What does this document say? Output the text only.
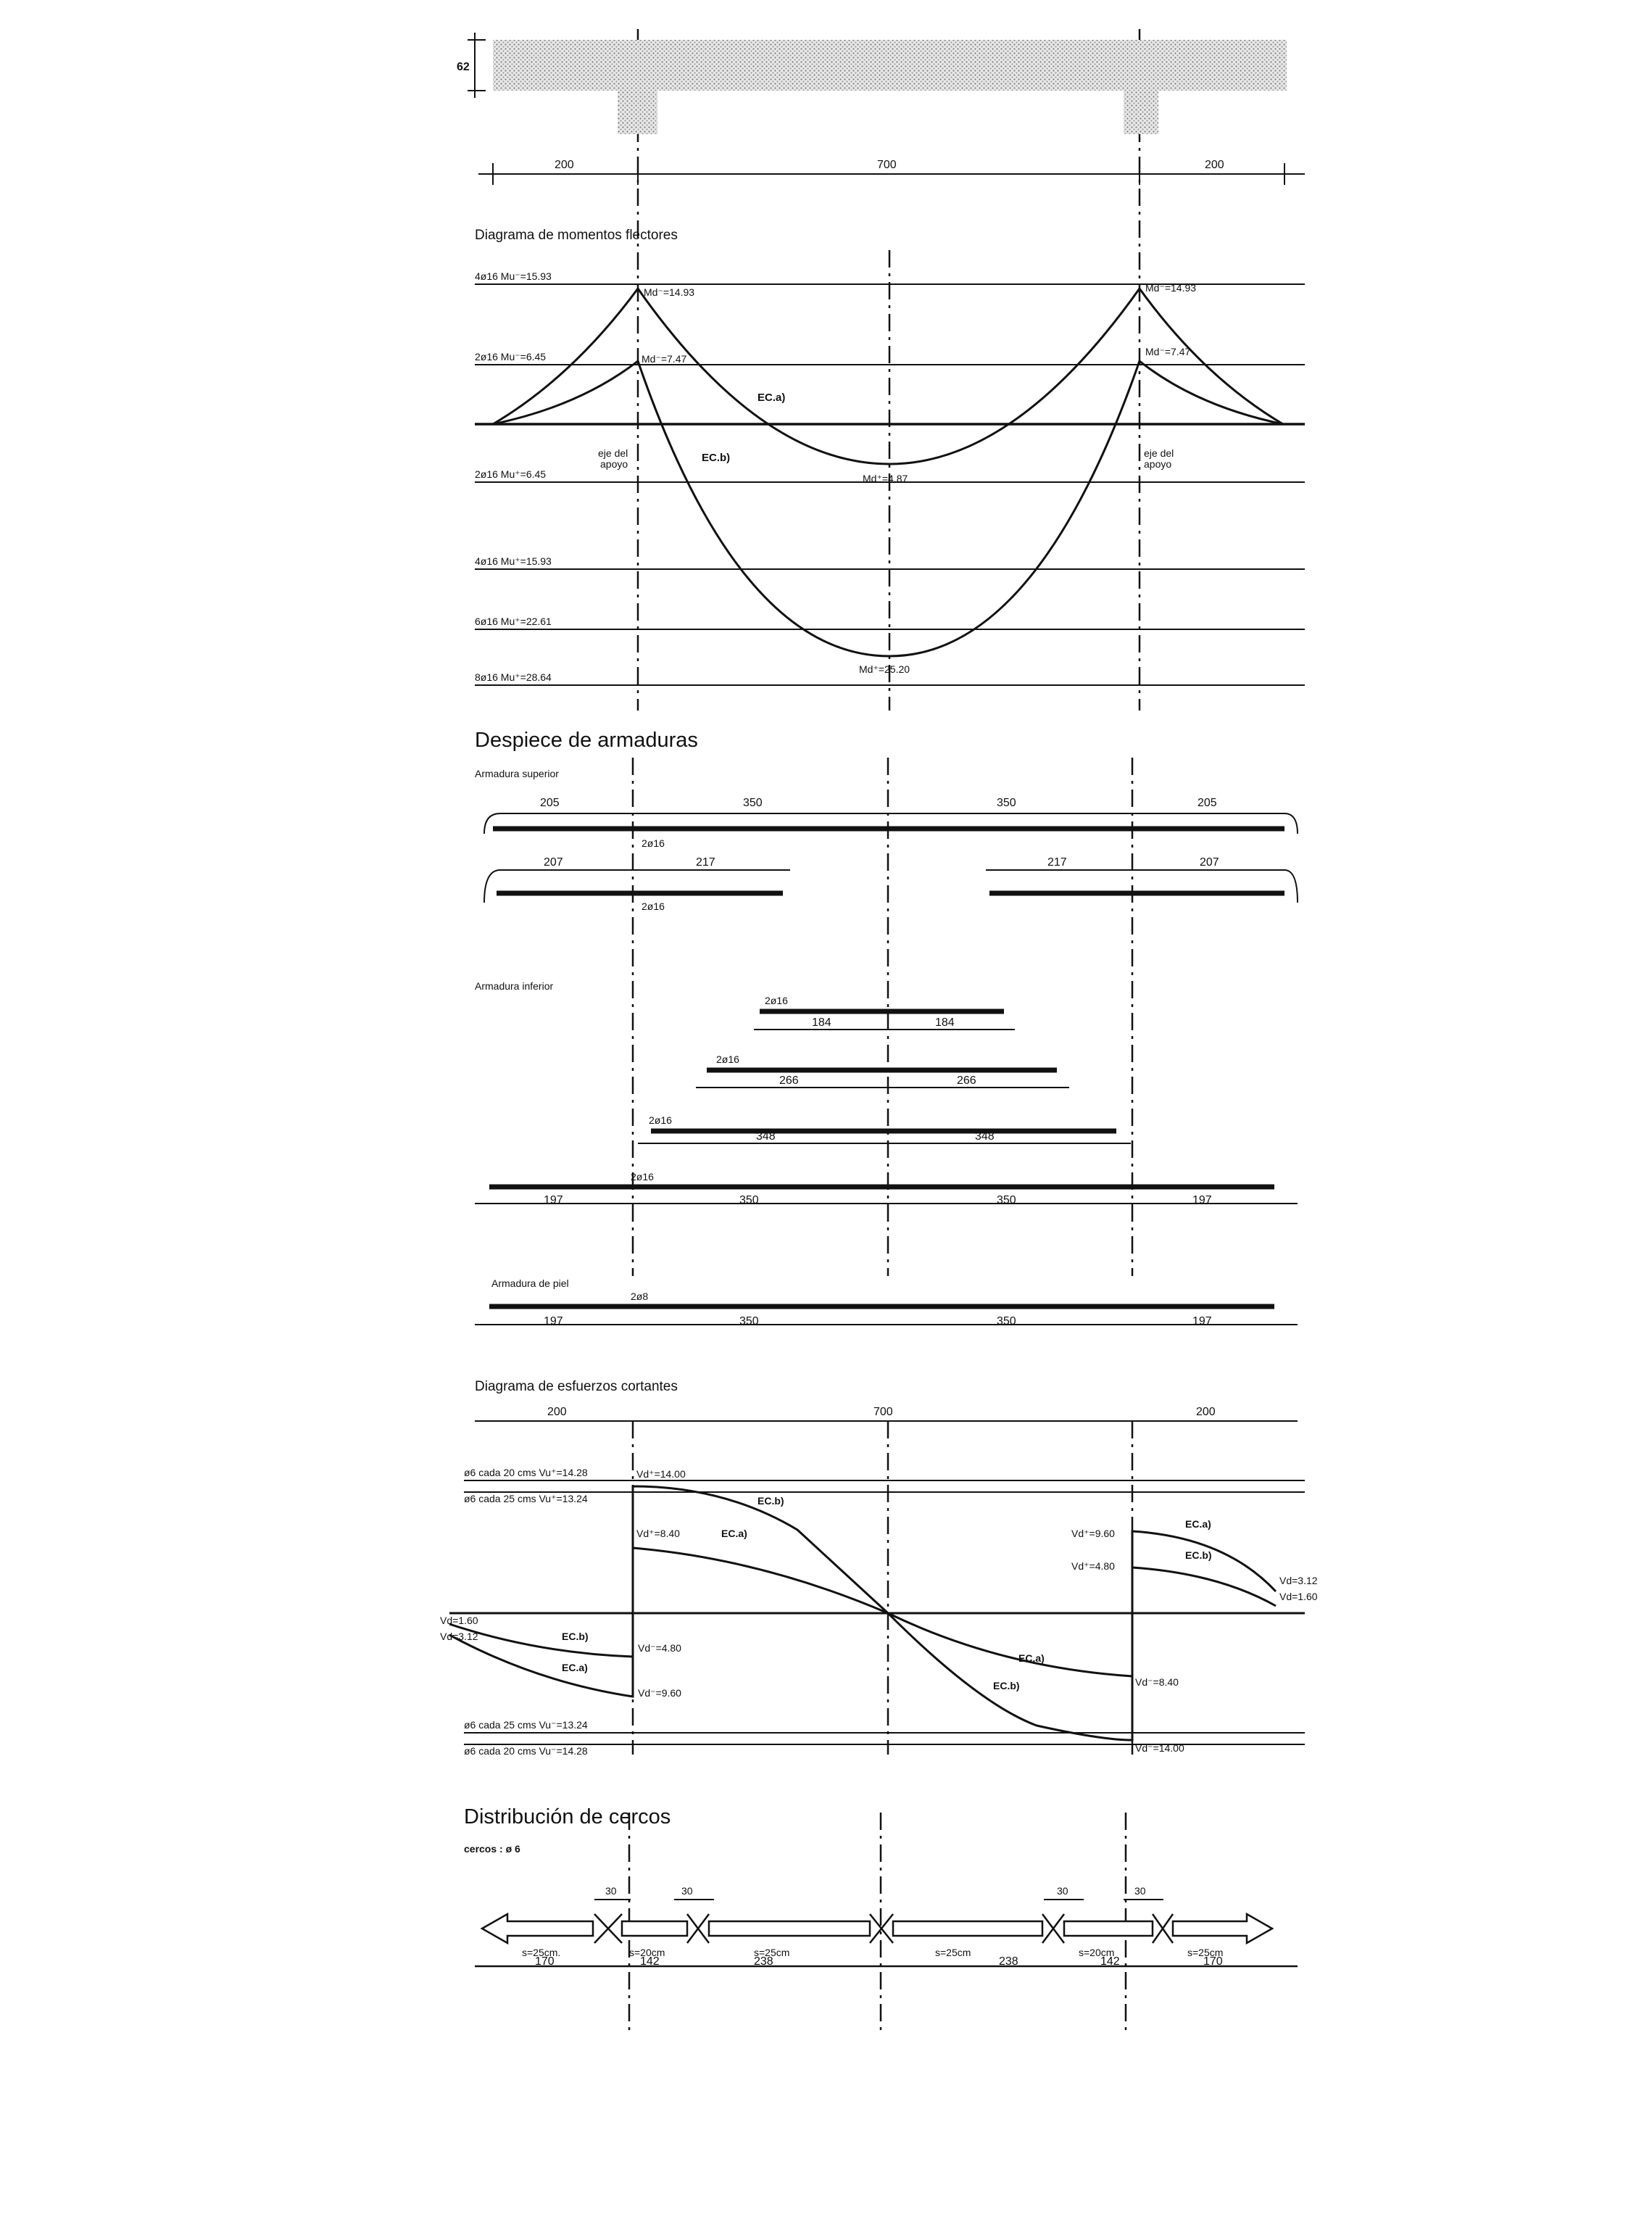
62
200	700	200
Diagrama de momentos flectores
4ø16 Mu⁻=15.93
2ø16 Mu⁻=6.45
2ø16 Mu⁺=6.45
4ø16 Mu⁺=15.93
6ø16 Mu⁺=22.61
8ø16 Mu⁺=28.64
Md⁻=14.93	Md⁻=14.93
Md⁻=7.47
Md⁻=7.47
Md⁺=4.87
Md⁺=25.20
EC.a)
EC.b)
eje del
apoyo
eje del
apoyo
Despiece de armaduras
Armadura superior
205	350	350	205
2ø16
207	217	217	207
2ø16
Armadura inferior
2ø16
184	184
2ø16
266	266
2ø16
348	348
2ø16
197	350	350	197
Armadura de piel
2ø8
197	350	350	197
Diagrama de esfuerzos cortantes
200	700	200
ø6 cada 20 cms Vu⁺=14.28
ø6 cada 25 cms Vu⁺=13.24
ø6 cada 25 cms Vu⁻=13.24
ø6 cada 20 cms Vu⁻=14.28
Vd⁺=14.00
Vd⁺=8.40	Vd⁺=9.60
Vd⁺=4.80
Vd=3.12
Vd=1.60
Vd=1.60
Vd=3.12
Vd⁻=4.80
Vd⁻=9.60
Vd⁻=8.40
Vd⁻=14.00
EC.b)
EC.a)
EC.b)
EC.a)
EC.a)
EC.b)
EC.a)
EC.b)
Distribución de cercos
cercos : ø 6
30	30	30	30
s=25cm.	s=20cm	s=25cm	s=25cm	s=20cm	s=25cm
170	142	238	238	142	170
